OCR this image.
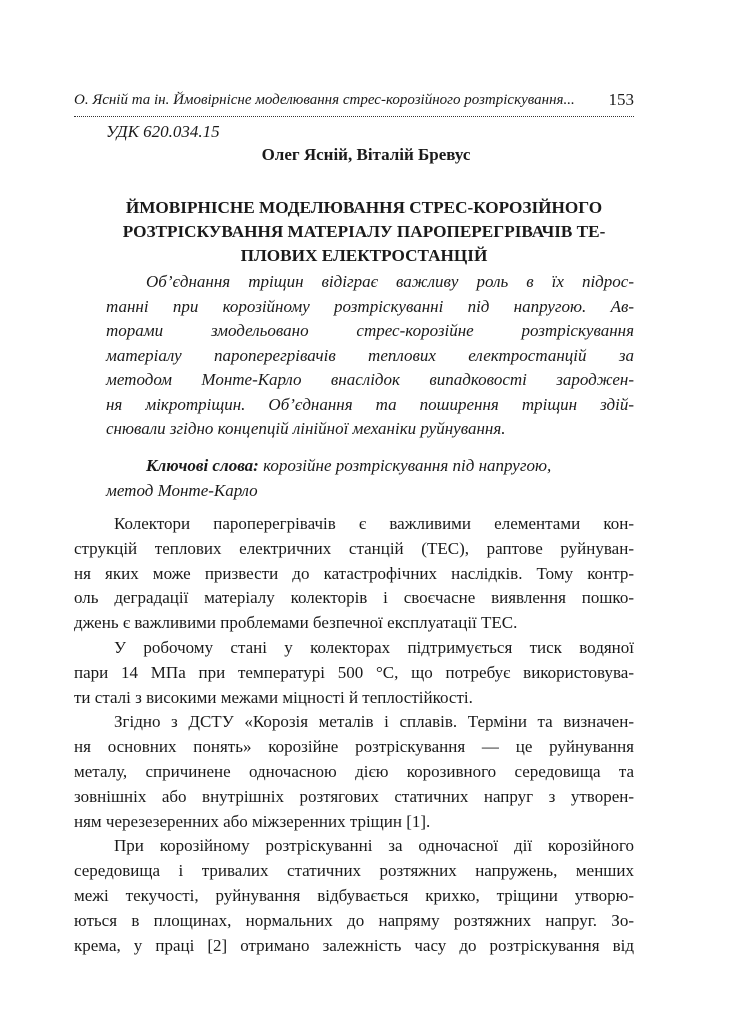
О. Ясній та ін. Ймовірнісне моделювання стрес-корозійного розтріскування... 153
УДК 620.034.15
Олег Ясній, Віталій Бревус
ЙМОВІРНІСНЕ МОДЕЛЮВАННЯ СТРЕС-КОРОЗІЙНОГО
РОЗТРІСКУВАННЯ МАТЕРІАЛУ ПАРОПЕРЕГРІВАЧІВ ТЕ-
ПЛОВИХ ЕЛЕКТРОСТАНЦІЙ
Об’єднання тріщин відіграє важливу роль в їх підрос-
танні при корозійному розтріскуванні під напругою. Ав-
торами змодельовано стрес-корозійне розтріскування
матеріалу пароперегрівачів теплових електростанцій за
методом Монте-Карло внаслідок випадковості зароджен-
ня мікротріщин. Об’єднання та поширення тріщин здій-
снювали згідно концепцій лінійної механіки руйнування.
Ключові слова: корозійне розтріскування під напругою,
метод Монте-Карло
Колектори пароперегрівачів є важливими елементами кон-
струкцій теплових електричних станцій (ТЕС), раптове руйнуван-
ня яких може призвести до катастрофічних наслідків. Тому контр-
оль деградації матеріалу колекторів і своєчасне виявлення пошко-
джень є важливими проблемами безпечної експлуатації ТЕС.
У робочому стані у колекторах підтримується тиск водяної
пари 14 МПа при температурі 500 °С, що потребує використовува-
ти сталі з високими межами міцності й теплостійкості.
Згідно з ДСТУ «Корозія металів і сплавів. Терміни та визначен-
ня основних понять» корозійне розтріскування — це руйнування
металу, спричинене одночасною дією корозивного середовища та
зовнішніх або внутрішніх розтягових статичних напруг з утворен-
ням черезезеренних або міжзеренних тріщин [1].
При корозійному розтріскуванні за одночасної дії корозійного
середовища і тривалих статичних розтяжних напружень, менших
межі текучості, руйнування відбувається крихко, тріщини утворю-
ються в площинах, нормальних до напряму розтяжних напруг. Зо-
крема, у праці [2] отримано залежність часу до розтріскування від
